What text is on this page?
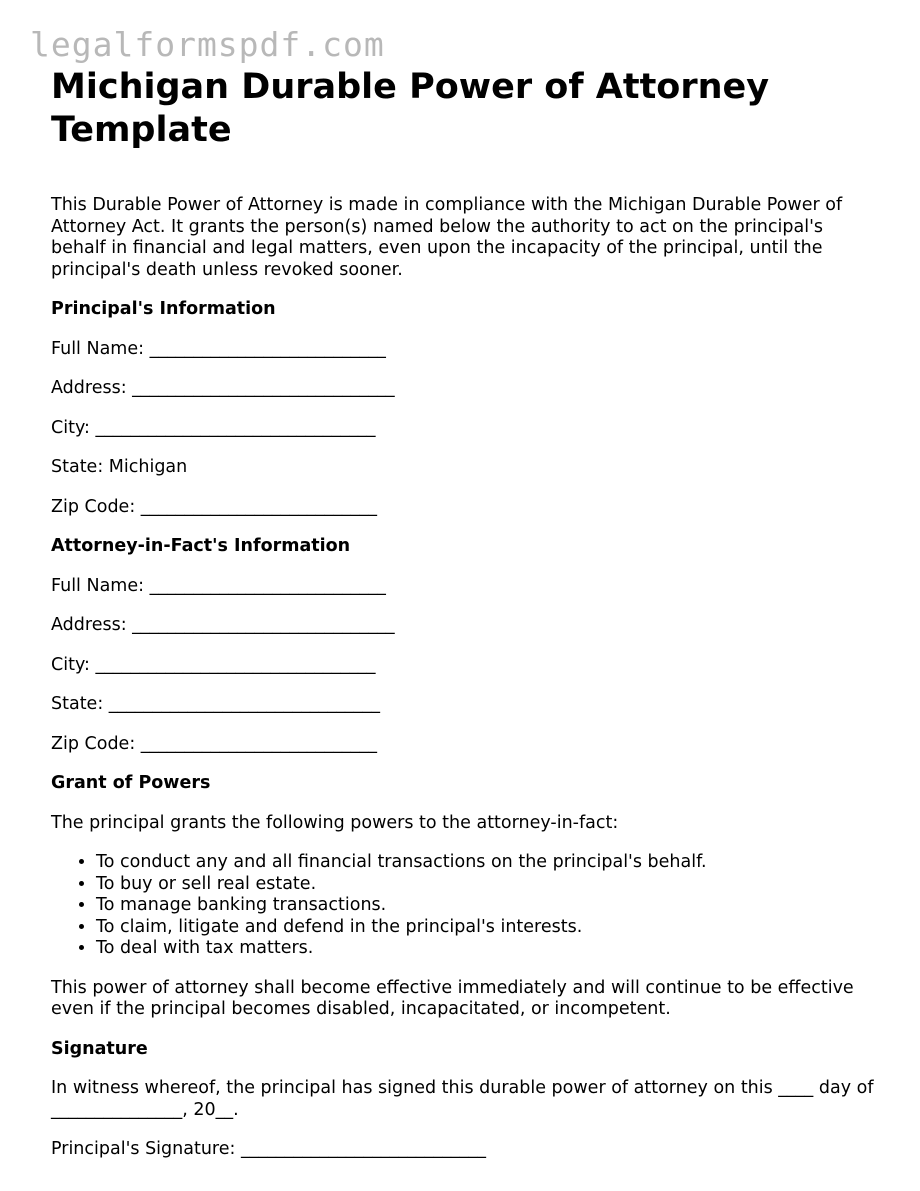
legalformspdf.com
Michigan Durable Power of Attorney Template

This Durable Power of Attorney is made in compliance with the Michigan Durable Power of Attorney Act. It grants the person(s) named below the authority to act on the principal's behalf in financial and legal matters, even upon the incapacity of the principal, until the principal's death unless revoked sooner.

Principal's Information

Full Name: ___________________________

Address: ______________________________

City: ________________________________

State: Michigan

Zip Code: ___________________________

Attorney-in-Fact's Information

Full Name: ___________________________

Address: ______________________________

City: ________________________________

State: _______________________________

Zip Code: ___________________________

Grant of Powers

The principal grants the following powers to the attorney-in-fact:

• To conduct any and all financial transactions on the principal's behalf.
• To buy or sell real estate.
• To manage banking transactions.
• To claim, litigate and defend in the principal's interests.
• To deal with tax matters.

This power of attorney shall become effective immediately and will continue to be effective even if the principal becomes disabled, incapacitated, or incompetent.

Signature

In witness whereof, the principal has signed this durable power of attorney on this ____ day of _______________, 20__.

Principal's Signature: ____________________________
